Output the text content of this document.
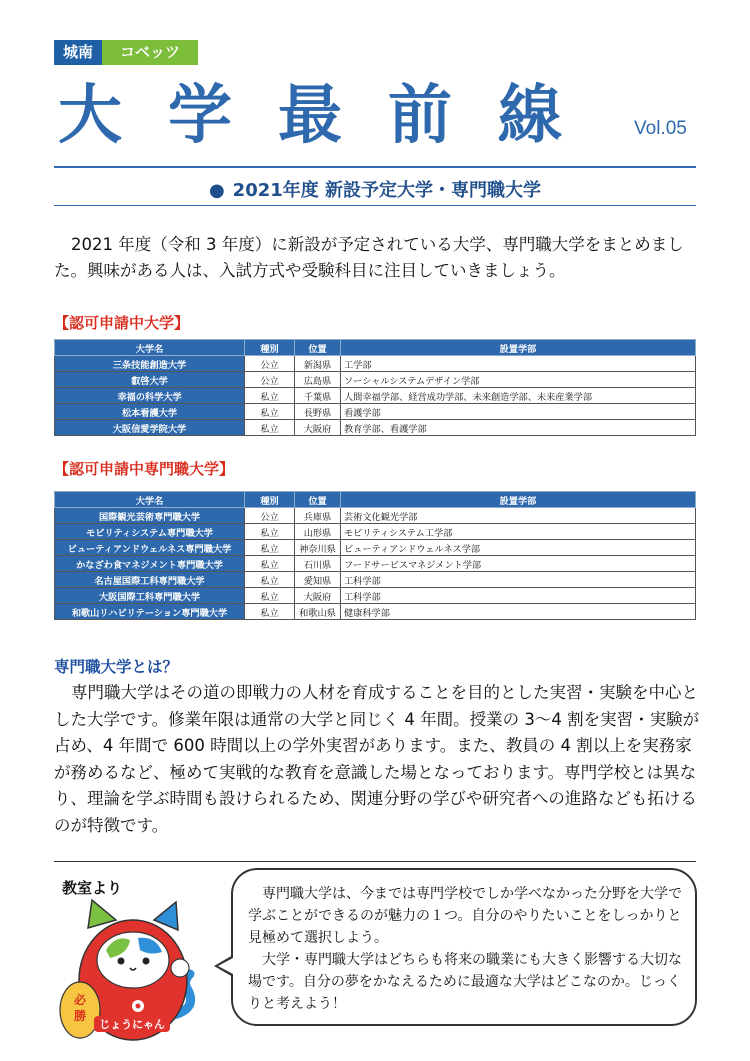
城南	コベッツ
大学最前線 Vol.05
● 2021年度 新設予定大学・専門職大学

2021 年度（令和 3 年度）に新設が予定されている大学、専門職大学をまとめました。興味がある人は、入試方式や受験科目に注目していきましょう。

【認可申請中大学】
大学名	種別	位置	設置学部
三条技能創造大学	公立	新潟県	工学部
叡啓大学	公立	広島県	ソーシャルシステムデザイン学部
幸福の科学大学	私立	千葉県	人間幸福学部、経営成功学部、未来創造学部、未来産業学部
松本看護大学	私立	長野県	看護学部
大阪信愛学院大学	私立	大阪府	教育学部、看護学部
【認可申請中専門職大学】
大学名	種別	位置	設置学部
国際観光芸術専門職大学	公立	兵庫県	芸術文化観光学部
モビリティシステム専門職大学	私立	山形県	モビリティシステム工学部
ビューティアンドウェルネス専門職大学	私立	神奈川県	ビューティアンドウェルネス学部
かなざわ食マネジメント専門職大学	私立	石川県	フードサービスマネジメント学部
名古屋国際工科専門職大学	私立	愛知県	工科学部
大阪国際工科専門職大学	私立	大阪府	工科学部
和歌山リハビリテーション専門職大学	私立	和歌山県	健康科学部
専門職大学とは？

専門職大学はその道の即戦力の人材を育成することを目的とした実習・実験を中心とした大学です。修業年限は通常の大学と同じく 4 年間。授業の 3～4 割を実習・実験が占め、4 年間で 600 時間以上の学外実習があります。また、教員の 4 割以上を実務家が務めるなど、極めて実戦的な教育を意識した場となっております。専門学校とは異なり、理論を学ぶ時間も設けられるため、関連分野の学びや研究者への進路なども拓けるのが特徴です。

教室より
必
勝
じょうにゃん

専門職大学は、今までは専門学校でしか学べなかった分野を大学で学ぶことができるのが魅力の１つ。自分のやりたいことをしっかりと見極めて選択しよう。

大学・専門職大学はどちらも将来の職業にも大きく影響する大切な場です。自分の夢をかなえるために最適な大学はどこなのか。じっくりと考えよう！
